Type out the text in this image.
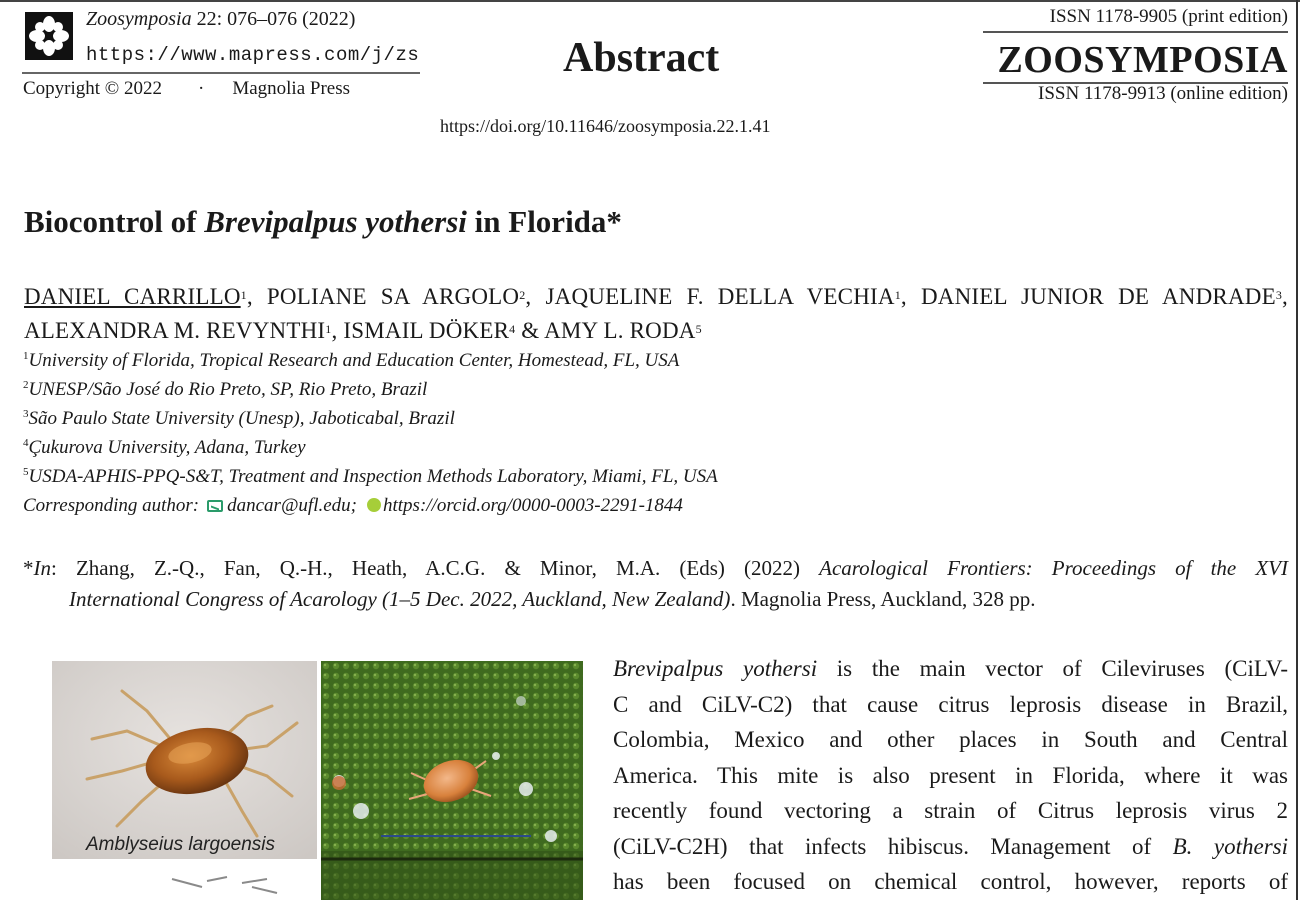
Zoosymposia 22: 076–076 (2022)
https://www.mapress.com/j/zs
Copyright © 2022 · Magnolia Press
Abstract
https://doi.org/10.11646/zoosymposia.22.1.41
ISSN 1178-9905 (print edition)
ZOOSYMPOSIA
ISSN 1178-9913 (online edition)
Biocontrol of Brevipalpus yothersi in Florida*
DANIEL CARRILLO$^1$, POLIANE SA ARGOLO$^2$, JAQUELINE F. DELLA VECHIA$^1$, DANIEL JUNIOR DE ANDRADE$^3$, ALEXANDRA M. REVYNTHI$^1$, ISMAIL DÖKER$^4$ & AMY L. RODA$^5$
$^1$University of Florida, Tropical Research and Education Center, Homestead, FL, USA
$^2$UNESP/São José do Rio Preto, SP, Rio Preto, Brazil
$^3$São Paulo State University (Unesp), Jaboticabal, Brazil
$^4$Çukurova University, Adana, Turkey
$^5$USDA-APHIS-PPQ-S&T, Treatment and Inspection Methods Laboratory, Miami, FL, USA
Corresponding author: dancar@ufl.edu; https://orcid.org/0000-0003-2291-1844
*In: Zhang, Z.-Q., Fan, Q.-H., Heath, A.C.G. & Minor, M.A. (Eds) (2022) Acarological Frontiers: Proceedings of the XVI
International Congress of Acarology (1–5 Dec. 2022, Auckland, New Zealand). Magnolia Press, Auckland, 328 pp.
Amblyseius largoensis
Brevipalpus yothersi is the main vector of Cileviruses (CiLV-
C and CiLV-C2) that cause citrus leprosis disease in Brazil,
Colombia, Mexico and other places in South and Central
America. This mite is also present in Florida, where it was
recently found vectoring a strain of Citrus leprosis virus 2
(CiLV-C2H) that infects hibiscus. Management of B. yothersi
has been focused on chemical control, however, reports of
